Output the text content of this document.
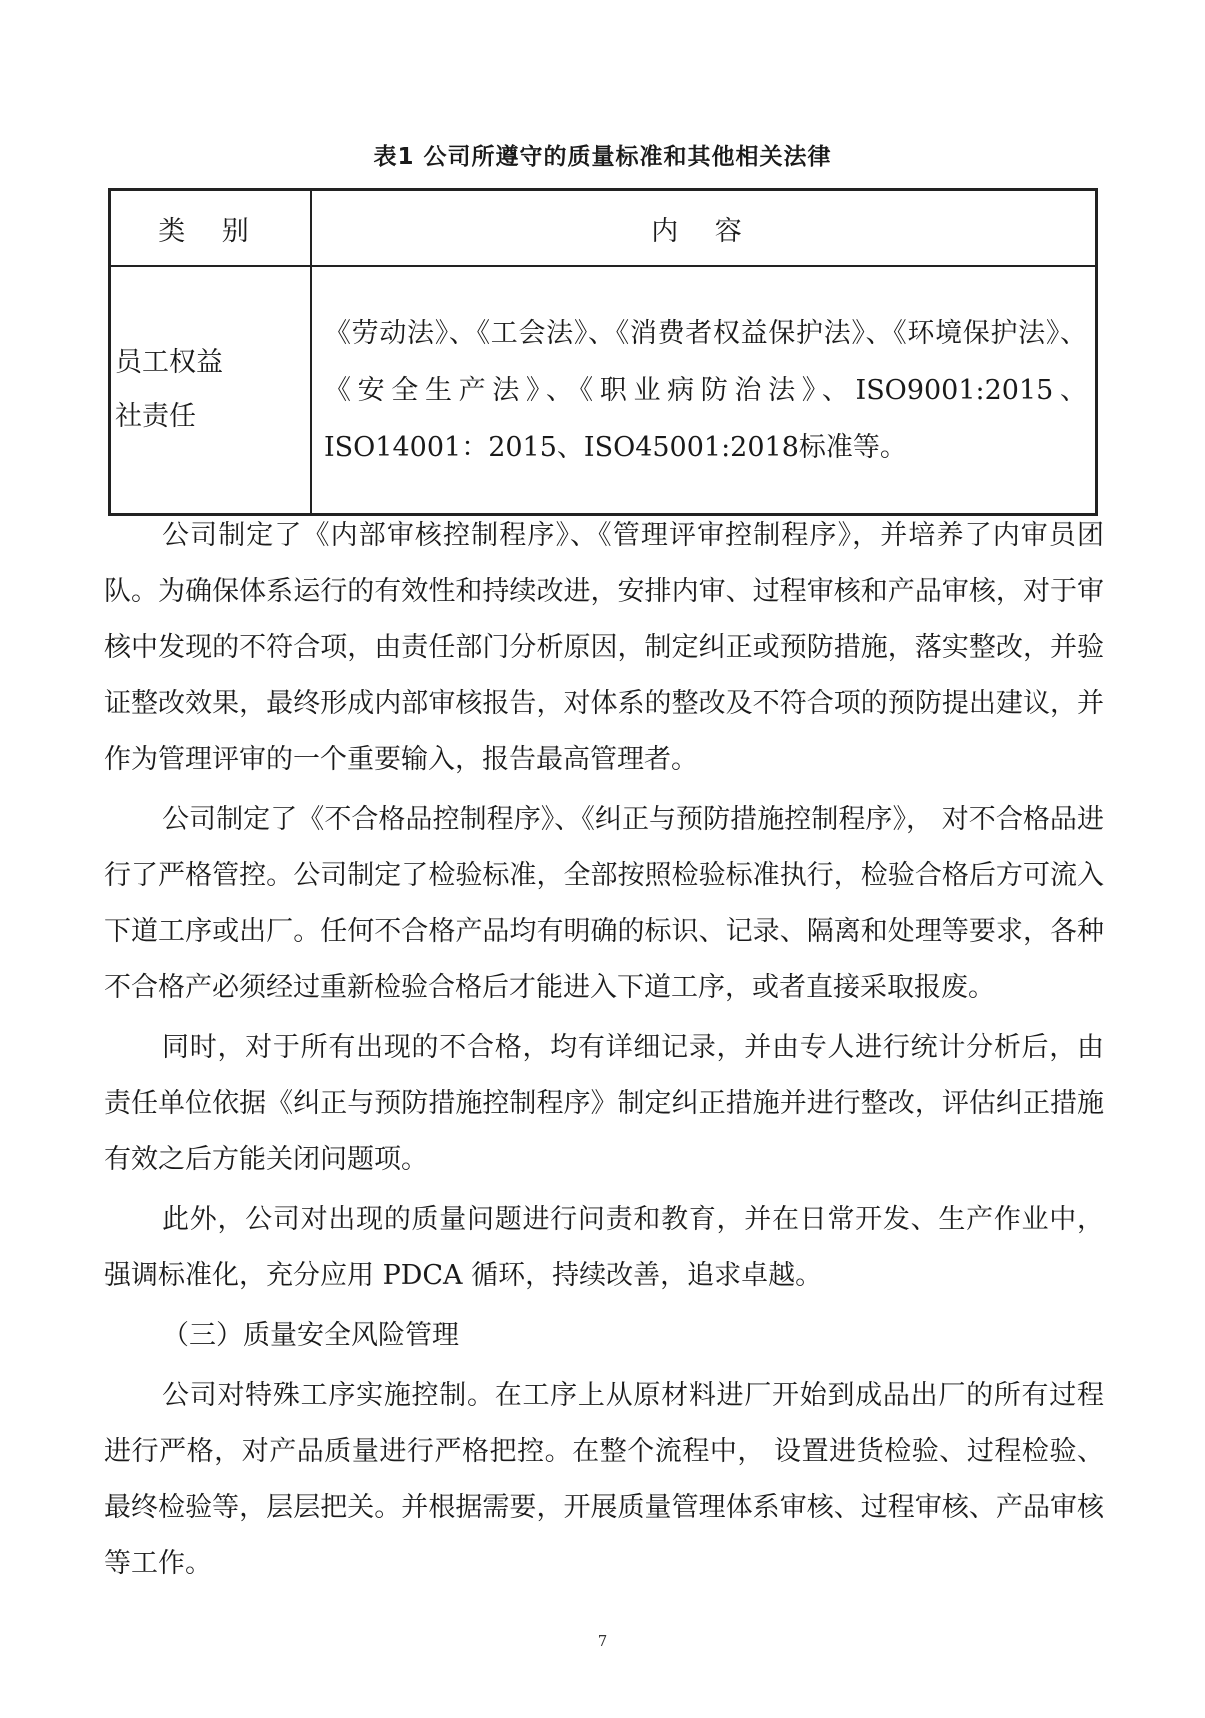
表1 公司所遵守的质量标准和其他相关法律
类 别	内 容

员工权益
社责任	《劳动法》、《工会法》、《消费者权益保护法》、《环境保护法》、《安全生产法》、《职业病防治法》、ISO9001:2015、ISO14001：2015、ISO45001:2018标准等。

公司制定了《内部审核控制程序》、《管理评审控制程序》，并培养了内审员团队。为确保体系运行的有效性和持续改进，安排内审、过程审核和产品审核，对于审核中发现的不符合项，由责任部门分析原因，制定纠正或预防措施，落实整改，并验证整改效果，最终形成内部审核报告，对体系的整改及不符合项的预防提出建议，并作为管理评审的一个重要输入，报告最高管理者。

公司制定了《不合格品控制程序》、《纠正与预防措施控制程序》， 对不合格品进行了严格管控。公司制定了检验标准，全部按照检验标准执行，检验合格后方可流入下道工序或出厂。任何不合格产品均有明确的标识、记录、隔离和处理等要求，各种不合格产必须经过重新检验合格后才能进入下道工序，或者直接采取报废。

同时，对于所有出现的不合格，均有详细记录，并由专人进行统计分析后，由责任单位依据《纠正与预防措施控制程序》制定纠正措施并进行整改，评估纠正措施有效之后方能关闭问题项。

此外，公司对出现的质量问题进行问责和教育，并在日常开发、生产作业中，强调标准化，充分应用 PDCA 循环，持续改善，追求卓越。

（三）质量安全风险管理

公司对特殊工序实施控制。在工序上从原材料进厂开始到成品出厂的所有过程进行严格，对产品质量进行严格把控。在整个流程中， 设置进货检验、过程检验、最终检验等，层层把关。并根据需要，开展质量管理体系审核、过程审核、产品审核等工作。

7
